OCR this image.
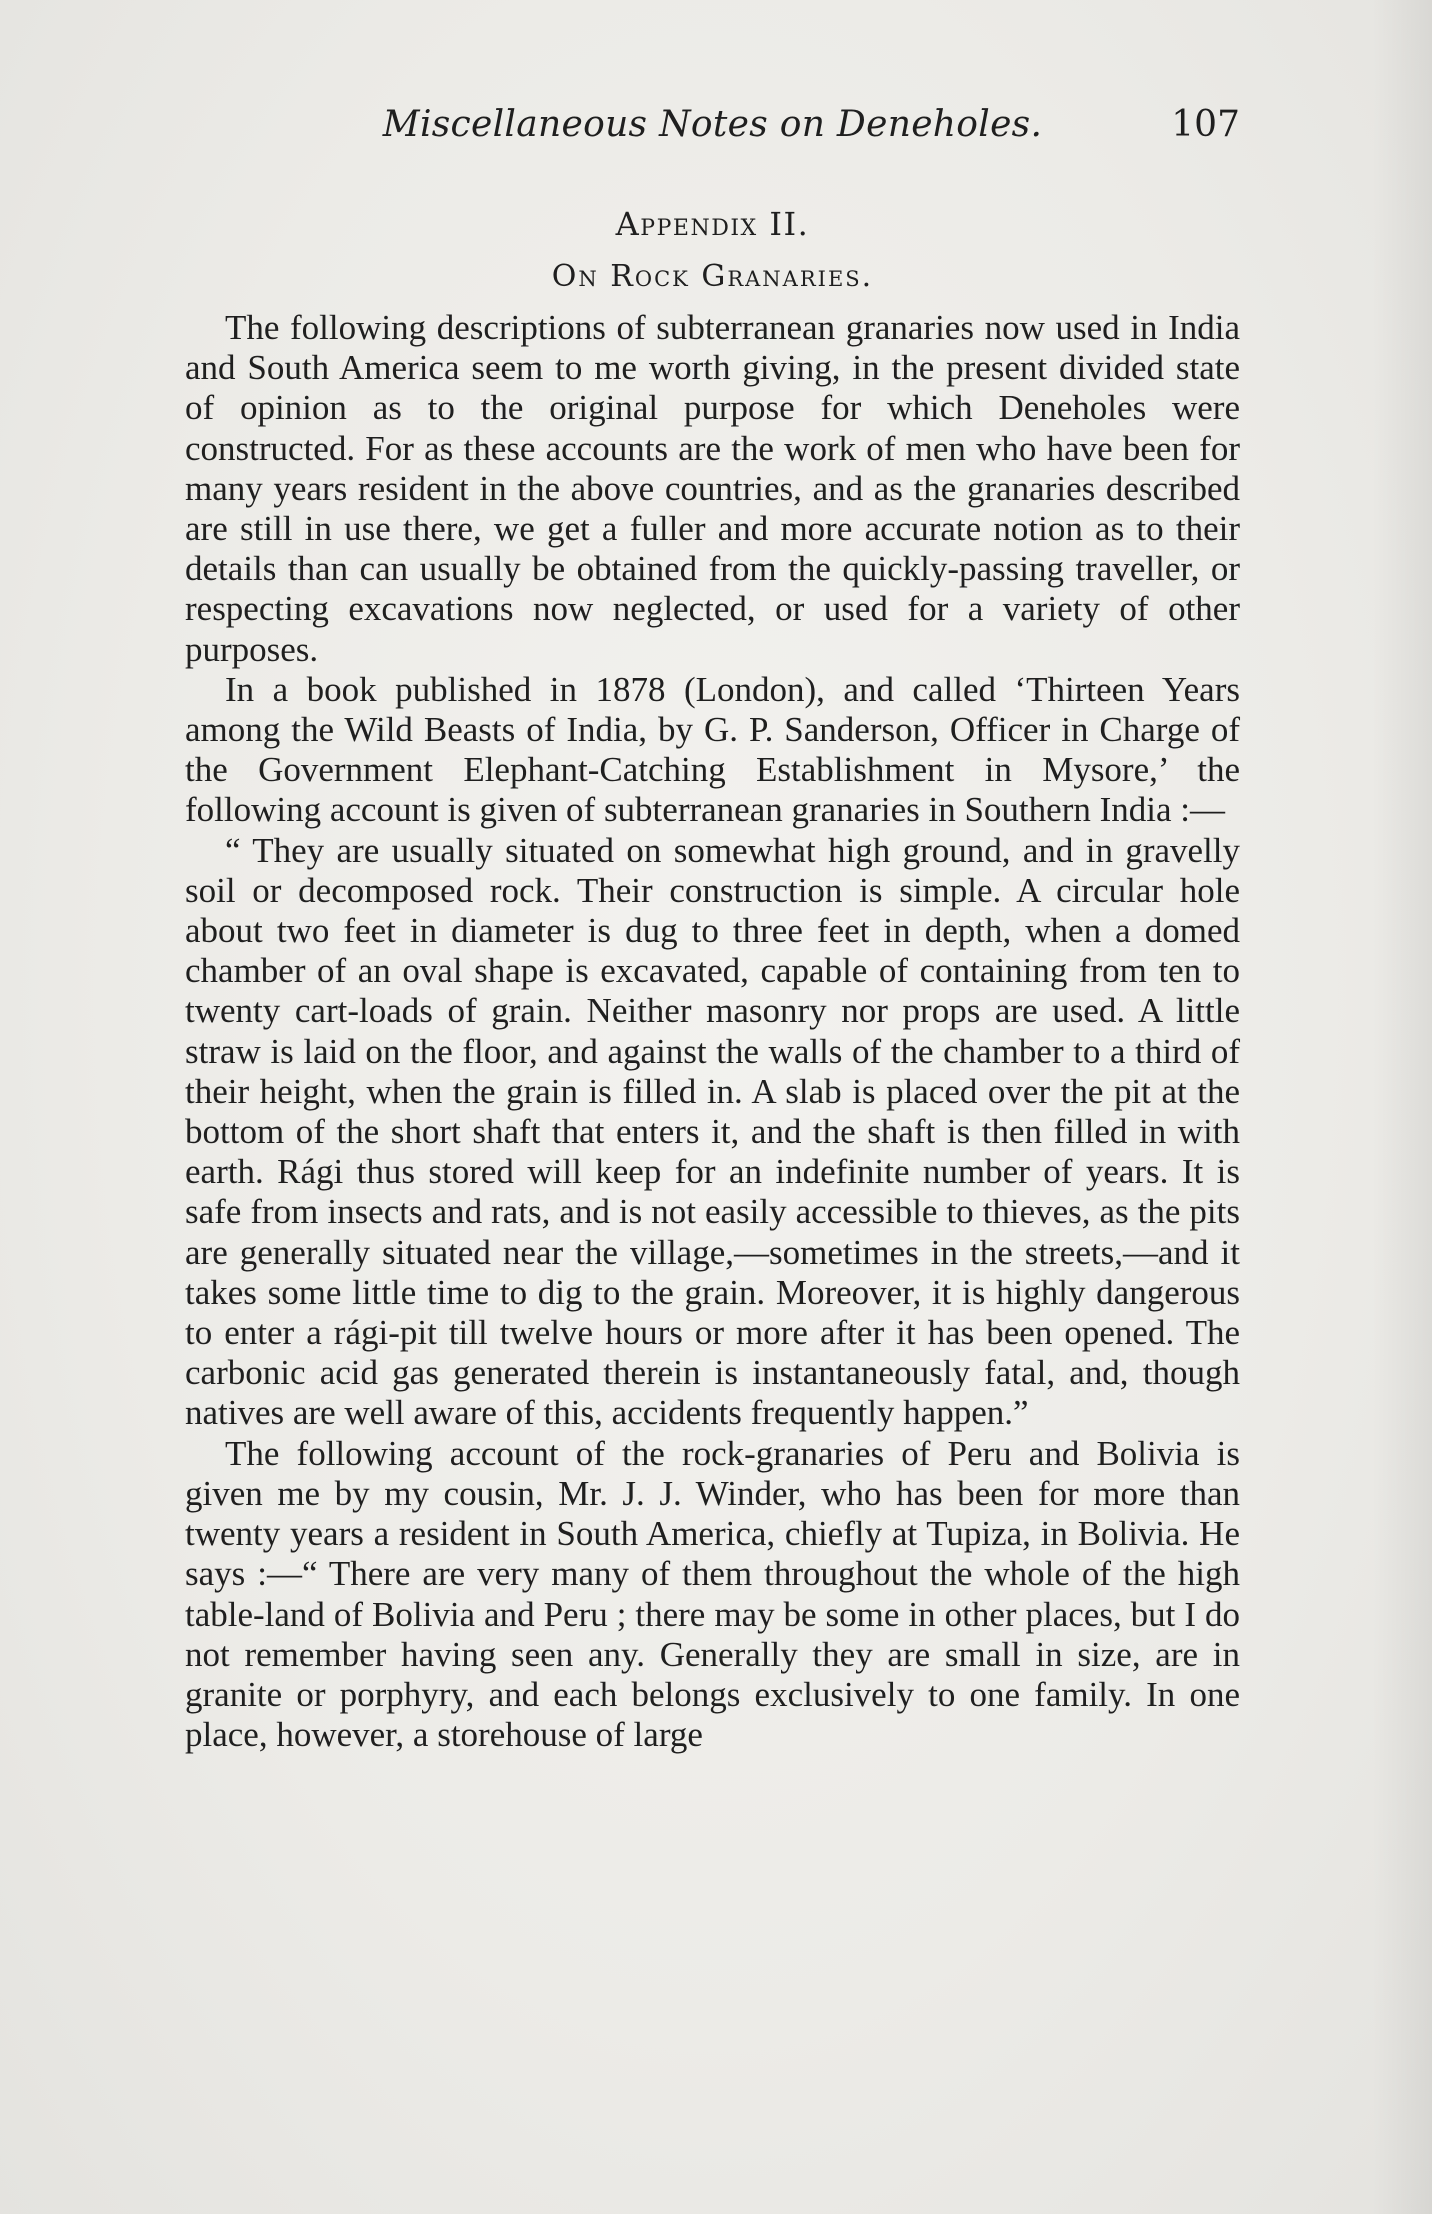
Miscellaneous Notes on Deneholes.	107
Appendix II.
On Rock Granaries.

The following descriptions of subterranean granaries now used in India and South America seem to me worth giving, in the present divided state of opinion as to the original purpose for which Deneholes were constructed. For as these accounts are the work of men who have been for many years resident in the above countries, and as the granaries described are still in use there, we get a fuller and more accurate notion as to their details than can usually be obtained from the quickly-passing traveller, or respecting excavations now neglected, or used for a variety of other purposes.

In a book published in 1878 (London), and called ‘Thirteen Years among the Wild Beasts of India, by G. P. Sanderson, Officer in Charge of the Government Elephant-Catching Establishment in Mysore,’ the following account is given of subterranean granaries in Southern India :—

“ They are usually situated on somewhat high ground, and in gravelly soil or decomposed rock. Their construction is simple. A circular hole about two feet in diameter is dug to three feet in depth, when a domed chamber of an oval shape is excavated, capable of containing from ten to twenty cart-loads of grain. Neither masonry nor props are used. A little straw is laid on the floor, and against the walls of the chamber to a third of their height, when the grain is filled in. A slab is placed over the pit at the bottom of the short shaft that enters it, and the shaft is then filled in with earth. Rági thus stored will keep for an indefinite number of years. It is safe from insects and rats, and is not easily accessible to thieves, as the pits are generally situated near the village,—sometimes in the streets,—and it takes some little time to dig to the grain. Moreover, it is highly dangerous to enter a rági-pit till twelve hours or more after it has been opened. The carbonic acid gas generated therein is instantaneously fatal, and, though natives are well aware of this, accidents frequently happen.”

The following account of the rock-granaries of Peru and Bolivia is given me by my cousin, Mr. J. J. Winder, who has been for more than twenty years a resident in South America, chiefly at Tupiza, in Bolivia. He says :—“ There are very many of them throughout the whole of the high table-land of Bolivia and Peru ; there may be some in other places, but I do not remember having seen any. Generally they are small in size, are in granite or porphyry, and each belongs exclusively to one family. In one place, however, a storehouse of large
